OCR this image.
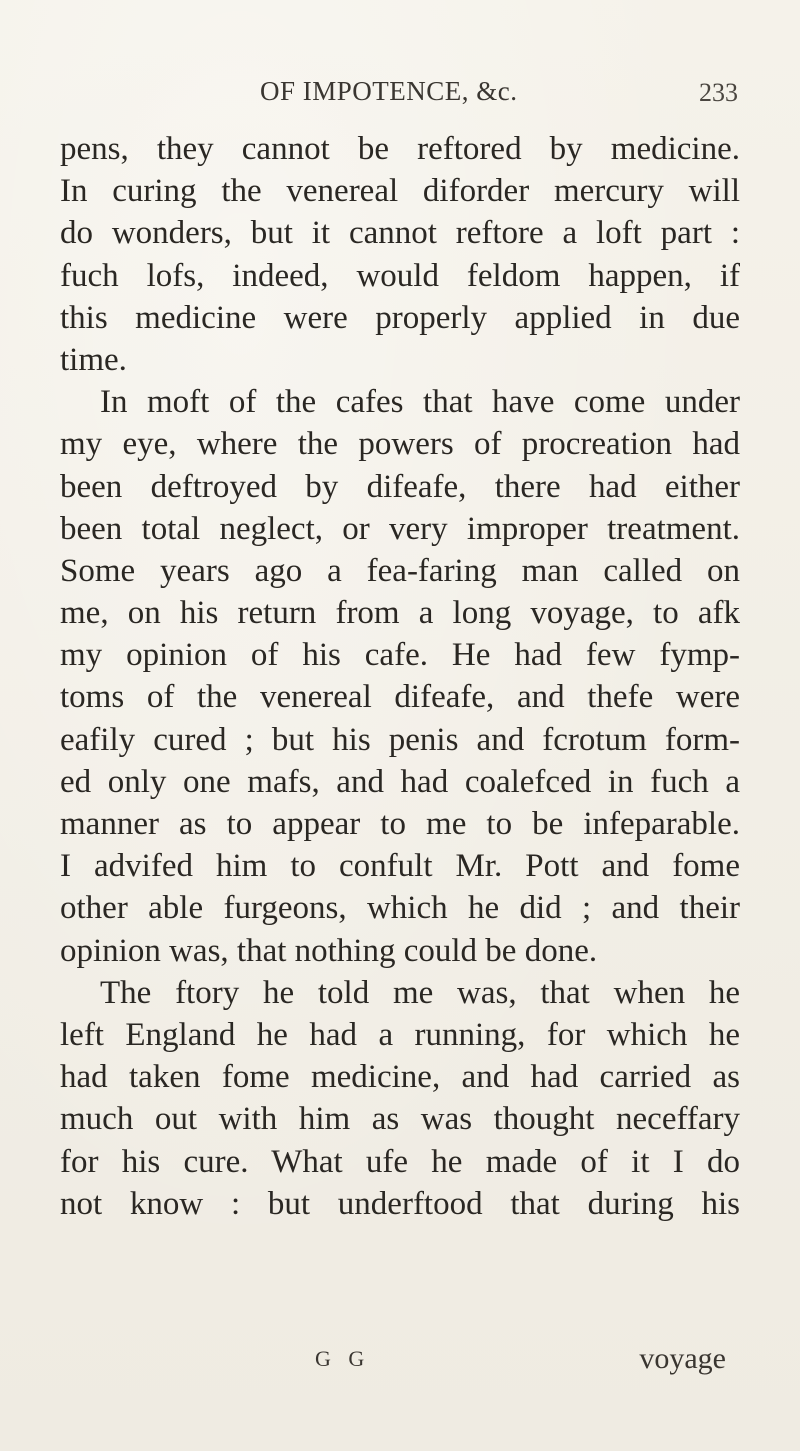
OF IMPOTENCE, &c.	233
pens, they cannot be reftored by medicine.
In curing the venereal diforder mercury will
do wonders, but it cannot reftore a loft part :
fuch lofs, indeed, would feldom happen, if
this medicine were properly applied in due
time.
In moft of the cafes that have come under
my eye, where the powers of procreation had
been deftroyed by difeafe, there had either
been total neglect, or very improper treatment.
Some years ago a fea-faring man called on
me, on his return from a long voyage, to afk
my opinion of his cafe. He had few fymp-
toms of the venereal difeafe, and thefe were
eafily cured ; but his penis and fcrotum form-
ed only one mafs, and had coalefced in fuch a
manner as to appear to me to be infeparable.
I advifed him to confult Mr. Pott and fome
other able furgeons, which he did ; and their
opinion was, that nothing could be done.
The ftory he told me was, that when he
left England he had a running, for which he
had taken fome medicine, and had carried as
much out with him as was thought neceffary
for his cure. What ufe he made of it I do
not know : but underftood that during his
G G	voyage
